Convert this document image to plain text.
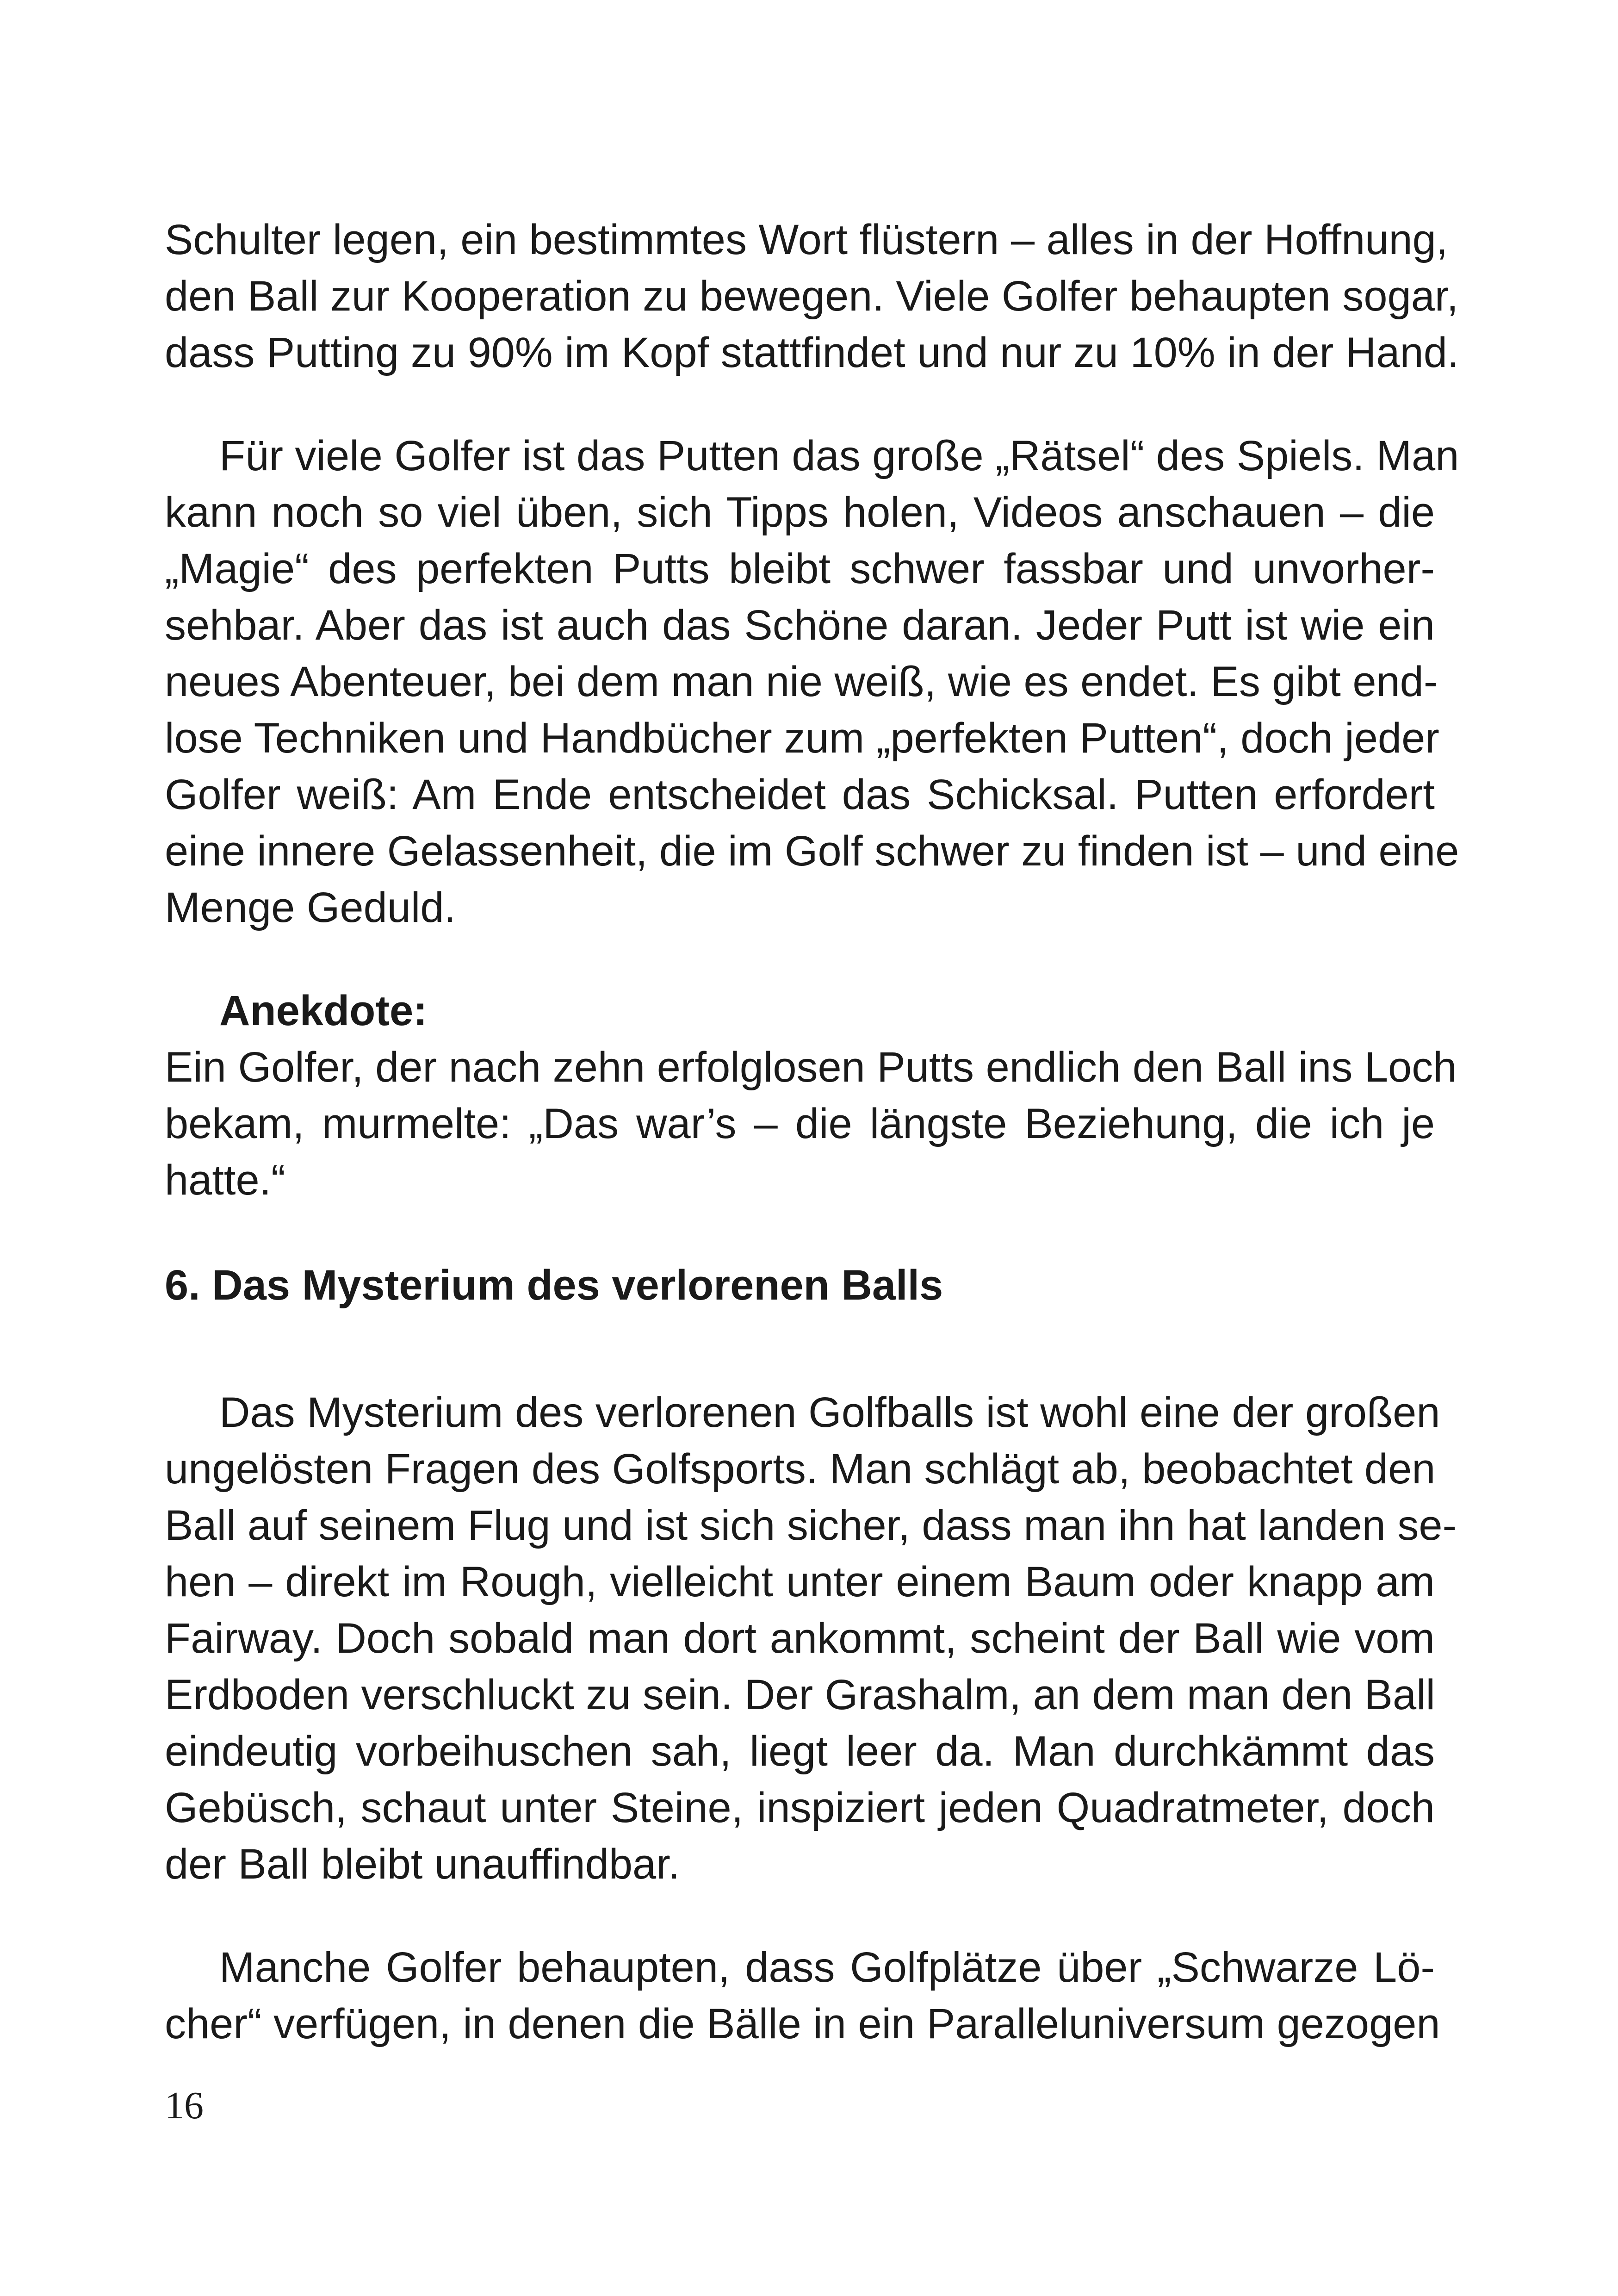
Schulter legen, ein bestimmtes Wort flüstern – alles in der Hoffnung,
den Ball zur Kooperation zu bewegen. Viele Golfer behaupten sogar,
dass Putting zu 90% im Kopf stattfindet und nur zu 10% in der Hand.
Für viele Golfer ist das Putten das große „Rätsel“ des Spiels. Man
kann noch so viel üben, sich Tipps holen, Videos anschauen – die
„Magie“ des perfekten Putts bleibt schwer fassbar und unvorher-
sehbar. Aber das ist auch das Schöne daran. Jeder Putt ist wie ein
neues Abenteuer, bei dem man nie weiß, wie es endet. Es gibt end-
lose Techniken und Handbücher zum „perfekten Putten“, doch jeder
Golfer weiß: Am Ende entscheidet das Schicksal. Putten erfordert
eine innere Gelassenheit, die im Golf schwer zu finden ist – und eine
Menge Geduld.
Anekdote:
Ein Golfer, der nach zehn erfolglosen Putts endlich den Ball ins Loch
bekam, murmelte: „Das war’s – die längste Beziehung, die ich je
hatte.“
6. Das Mysterium des verlorenen Balls
Das Mysterium des verlorenen Golfballs ist wohl eine der großen
ungelösten Fragen des Golfsports. Man schlägt ab, beobachtet den
Ball auf seinem Flug und ist sich sicher, dass man ihn hat landen se-
hen – direkt im Rough, vielleicht unter einem Baum oder knapp am
Fairway. Doch sobald man dort ankommt, scheint der Ball wie vom
Erdboden verschluckt zu sein. Der Grashalm, an dem man den Ball
eindeutig vorbeihuschen sah, liegt leer da. Man durchkämmt das
Gebüsch, schaut unter Steine, inspiziert jeden Quadratmeter, doch
der Ball bleibt unauffindbar.
Manche Golfer behaupten, dass Golfplätze über „Schwarze Lö-
cher“ verfügen, in denen die Bälle in ein Paralleluniversum gezogen
16
